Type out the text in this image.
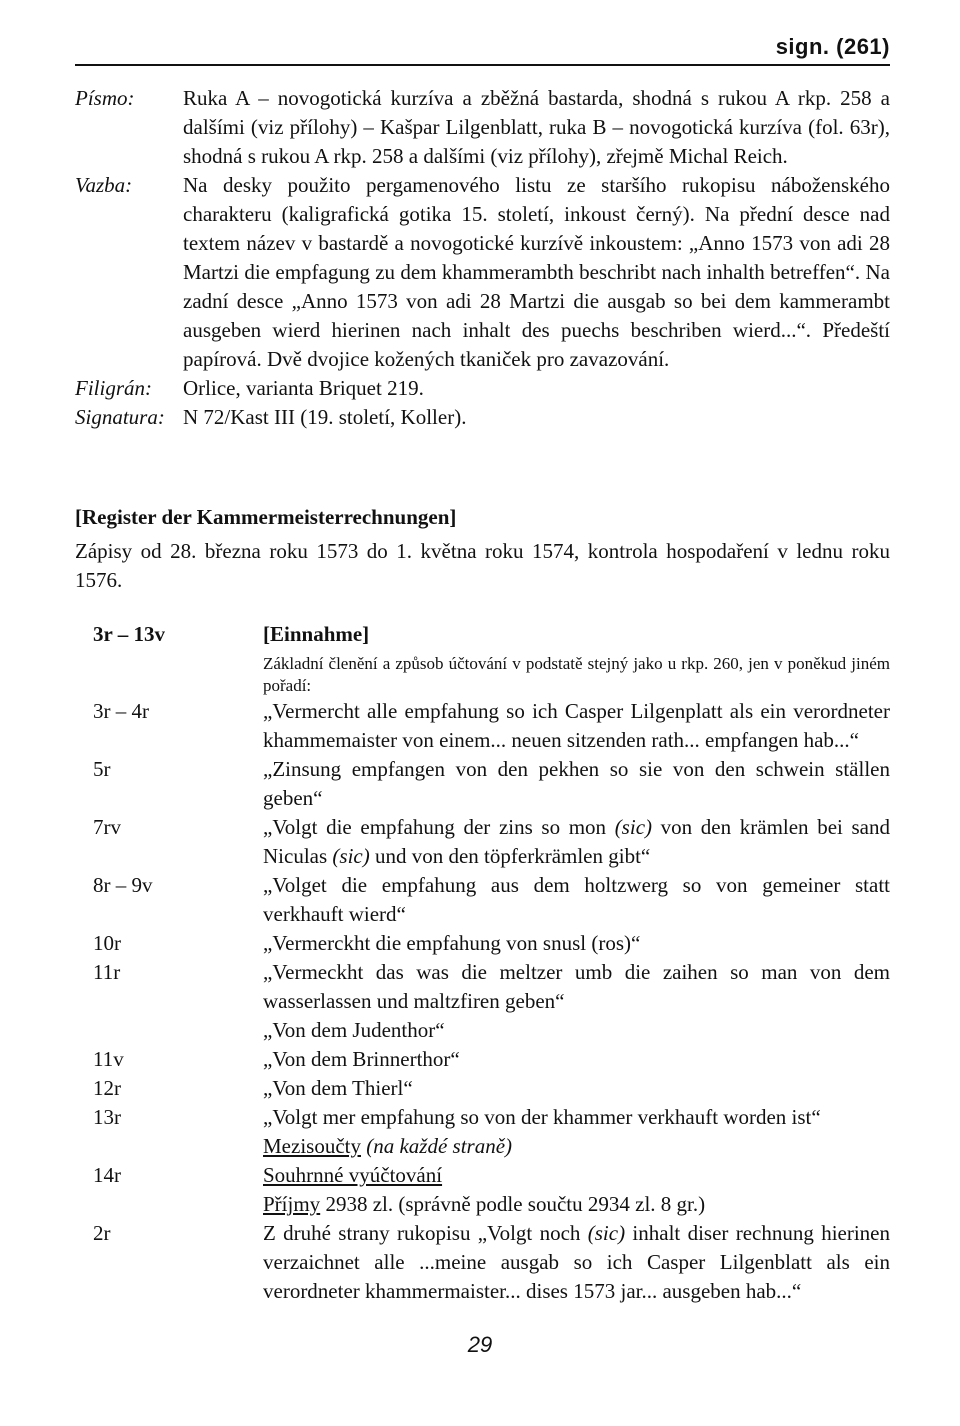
sign. (261)
Písmo:	Ruka A – novogotická kurzíva a zběžná bastarda, shodná s rukou A rkp. 258 a dalšími (viz přílohy) – Kašpar Lilgenblatt, ruka B – novogotická kurzíva (fol. 63r), shodná s rukou A rkp. 258 a dalšími (viz přílohy), zřejmě Michal Reich.
Vazba:	Na desky použito pergamenového listu ze staršího rukopisu náboženského charakteru (kaligrafická gotika 15. století, inkoust černý). Na přední desce nad textem název v bastardě a novogotické kurzívě inkoustem: „Anno 1573 von adi 28 Martzi die empfagung zu dem khammerambth beschribt nach inhalth betreffen“. Na zadní desce „Anno 1573 von adi 28 Martzi die ausgab so bei dem kammerambt ausgeben wierd hierinen nach inhalt des puechs beschriben wierd...“. Předeští papírová. Dvě dvojice kožených tkaniček pro zavazování.
Filigrán:	Orlice, varianta Briquet 219.
Signatura: N 72/Kast III (19. století, Koller).
[Register der Kammermeisterrechnungen]
Zápisy od 28. března roku 1573 do 1. května roku 1574, kontrola hospodaření v lednu roku 1576.
3r – 13v	[Einnahme]
Základní členění a způsob účtování v podstatě stejný jako u rkp. 260, jen v poněkud jiném pořadí:
3r – 4r	„Vermercht alle empfahung so ich Casper Lilgenplatt als ein verordneter khammemaister von einem... neuen sitzenden rath... empfangen hab...“
5r	„Zinsung empfangen von den pekhen so sie von den schwein ställen geben“
7rv	„Volgt die empfahung der zins so mon (sic) von den krämlen bei sand Niculas (sic) und von den töpferkrämlen gibt“
8r – 9v	„Volget die empfahung aus dem holtzwerg so von gemeiner statt verkhauft wierd“
10r	„Vermerckht die empfahung von snusl (ros)“
11r	„Vermeckht das was die meltzer umb die zaihen so man von dem wasserlassen und maltzfiren geben“
„Von dem Judenthor“
11v	„Von dem Brinnerthor“
12r	„Von dem Thierl“
13r	„Volgt mer empfahung so von der khammer verkhauft worden ist“
Mezisoučty (na každé straně)
14r	Souhrnné vyúčtování
Příjmy 2938 zl. (správně podle součtu 2934 zl. 8 gr.)
2r	Z druhé strany rukopisu „Volgt noch (sic) inhalt diser rechnung hierinen verzaichnet alle ...meine ausgab so ich Casper Lilgenblatt als ein verordneter khammermaister... dises 1573 jar... ausgeben hab...“
29
